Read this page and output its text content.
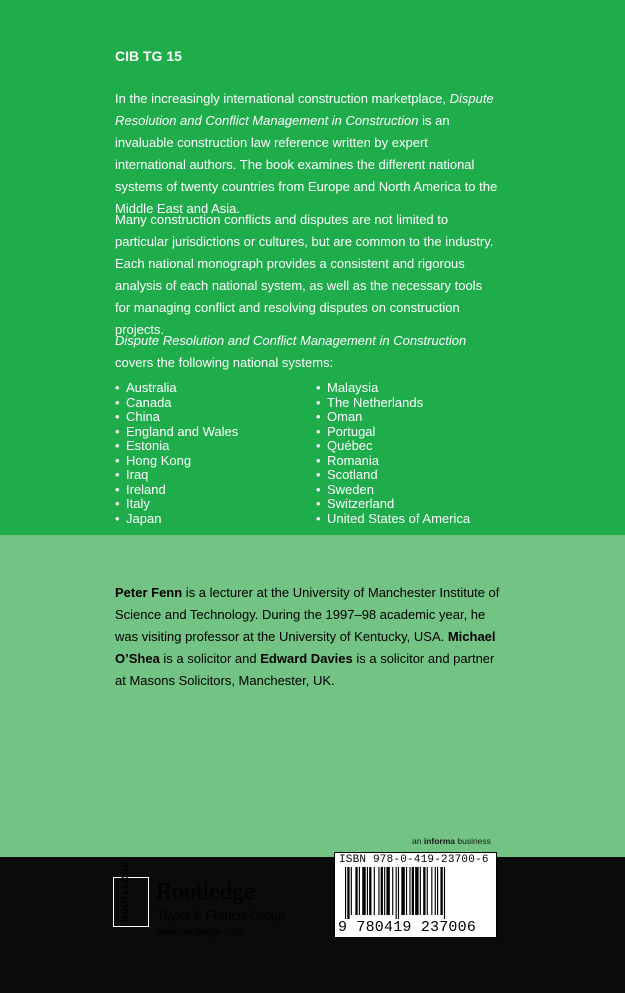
CIB TG 15

In the increasingly international construction marketplace, Dispute Resolution and Conflict Management in Construction is an invaluable construction law reference written by expert international authors. The book examines the different national systems of twenty countries from Europe and North America to the Middle East and Asia.

Many construction conflicts and disputes are not limited to particular jurisdictions or cultures, but are common to the industry. Each national monograph provides a consistent and rigorous analysis of each national system, as well as the necessary tools for managing conflict and resolving disputes on construction projects.

Dispute Resolution and Conflict Management in Construction covers the following national systems:

• Australia
• Canada
• China
• England and Wales
• Estonia
• Hong Kong
• Iraq
• Ireland
• Italy
• Japan
• Malaysia
• The Netherlands
• Oman
• Portugal
• Québec
• Romania
• Scotland
• Sweden
• Switzerland
• United States of America

Peter Fenn is a lecturer at the University of Manchester Institute of Science and Technology. During the 1997–98 academic year, he was visiting professor at the University of Kentucky, USA. Michael O’Shea is a solicitor and Edward Davies is a solicitor and partner at Masons Solicitors, Manchester, UK.

an informa business

ROUTLEDGE Routledge

Taylor & Francis Group

www.routledge.com

ISBN 978-0-419-23700-6
9 780419 237006
